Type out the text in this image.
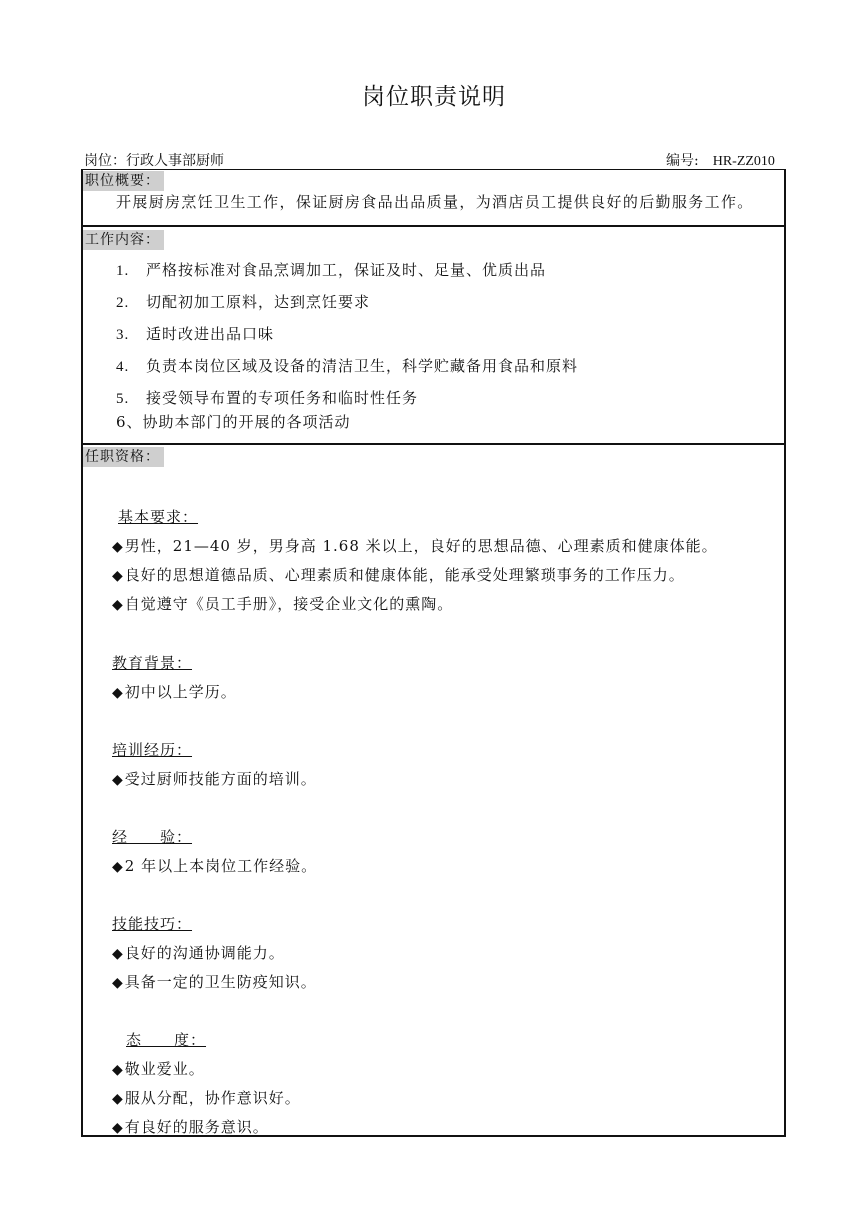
岗位职责说明
岗位：行政人事部厨师	编号: HR-ZZ010
职位概要：
开展厨房烹饪卫生工作，保证厨房食品出品质量，为酒店员工提供良好的后勤服务工作。
工作内容：
1. 严格按标准对食品烹调加工，保证及时、足量、优质出品
2. 切配初加工原料，达到烹饪要求
3. 适时改进出品口味
4. 负责本岗位区域及设备的清洁卫生，科学贮藏备用食品和原料
5. 接受领导布置的专项任务和临时性任务
6、协助本部门的开展的各项活动
任职资格：
基本要求：
◆男性，21—40 岁，男身高 1.68 米以上，良好的思想品德、心理素质和健康体能。
◆良好的思想道德品质、心理素质和健康体能，能承受处理繁琐事务的工作压力。
◆自觉遵守《员工手册》，接受企业文化的熏陶。
教育背景：
◆初中以上学历。
培训经历：
◆受过厨师技能方面的培训。
经　　验：
◆2 年以上本岗位工作经验。
技能技巧：
◆良好的沟通协调能力。
◆具备一定的卫生防疫知识。
态　　度：
◆敬业爱业。
◆服从分配，协作意识好。
◆有良好的服务意识。
